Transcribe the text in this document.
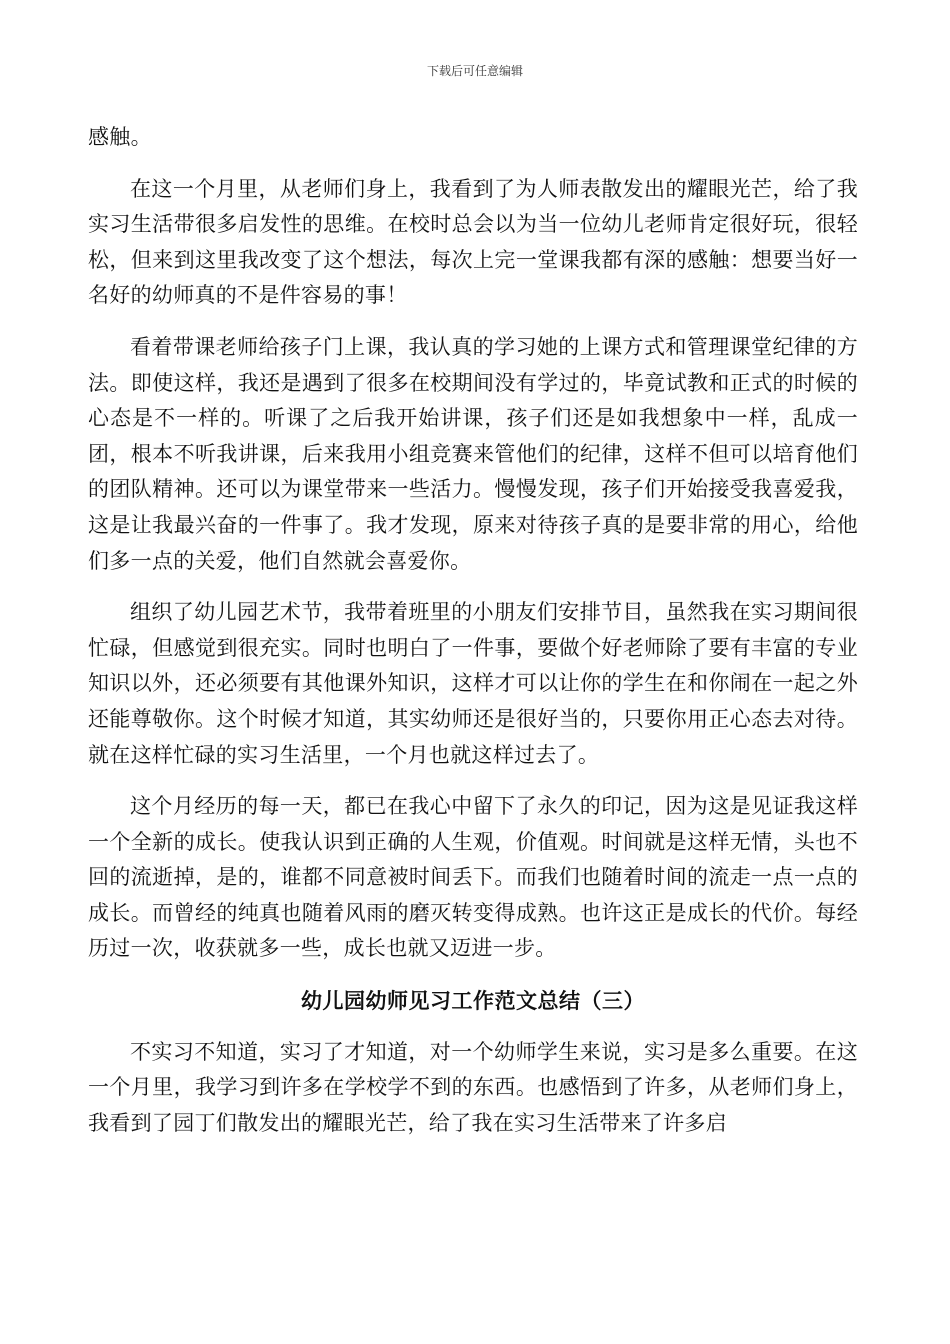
下载后可任意编辑

感触。

在这一个月里，从老师们身上，我看到了为人师表散发出的耀眼光芒，给了我实习生活带很多启发性的思维。在校时总会以为当一位幼儿老师肯定很好玩，很轻松，但来到这里我改变了这个想法，每次上完一堂课我都有深的感触：想要当好一名好的幼师真的不是件容易的事！

看着带课老师给孩子门上课，我认真的学习她的上课方式和管理课堂纪律的方法。即使这样，我还是遇到了很多在校期间没有学过的，毕竟试教和正式的时候的心态是不一样的。听课了之后我开始讲课，孩子们还是如我想象中一样，乱成一团，根本不听我讲课，后来我用小组竞赛来管他们的纪律，这样不但可以培育他们的团队精神。还可以为课堂带来一些活力。慢慢发现，孩子们开始接受我喜爱我，这是让我最兴奋的一件事了。我才发现，原来对待孩子真的是要非常的用心，给他们多一点的关爱，他们自然就会喜爱你。

组织了幼儿园艺术节，我带着班里的小朋友们安排节目，虽然我在实习期间很忙碌，但感觉到很充实。同时也明白了一件事，要做个好老师除了要有丰富的专业知识以外，还必须要有其他课外知识，这样才可以让你的学生在和你闹在一起之外还能尊敬你。这个时候才知道，其实幼师还是很好当的，只要你用正心态去对待。就在这样忙碌的实习生活里，一个月也就这样过去了。

这个月经历的每一天，都已在我心中留下了永久的印记，因为这是见证我这样一个全新的成长。使我认识到正确的人生观，价值观。时间就是这样无情，头也不回的流逝掉，是的，谁都不同意被时间丢下。而我们也随着时间的流走一点一点的成长。而曾经的纯真也随着风雨的磨灭转变得成熟。也许这正是成长的代价。每经历过一次，收获就多一些，成长也就又迈进一步。

幼儿园幼师见习工作范文总结（三）

不实习不知道，实习了才知道，对一个幼师学生来说，实习是多么重要。在这一个月里，我学习到许多在学校学不到的东西。也感悟到了许多，从老师们身上，我看到了园丁们散发出的耀眼光芒，给了我在实习生活带来了许多启
